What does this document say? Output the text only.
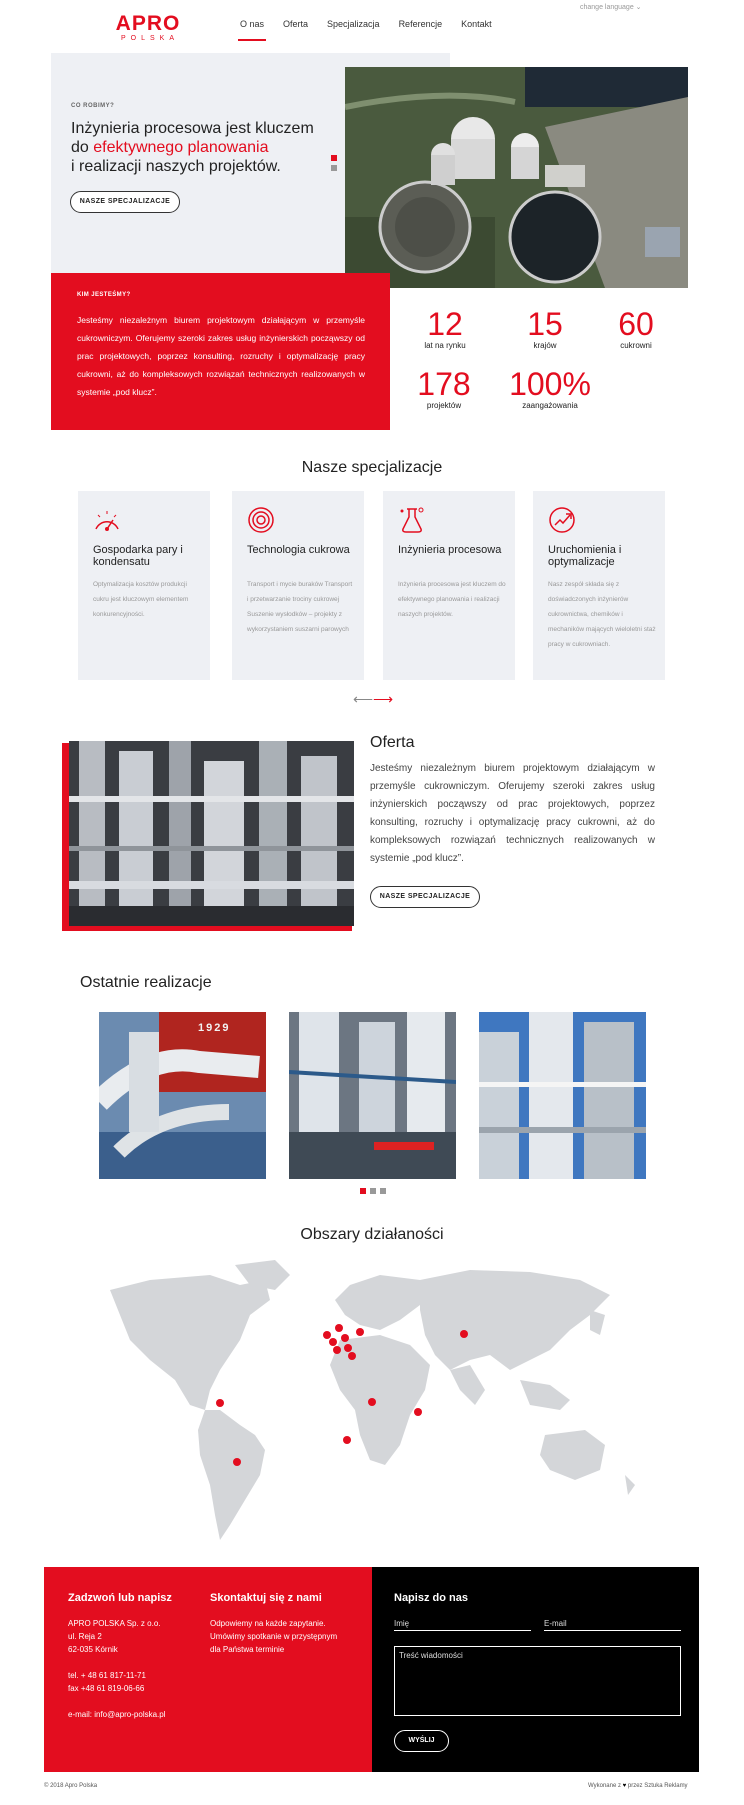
APRO
POLSKA
O nas Oferta Specjalizacja Referencje Kontakt
change language ⌄
CO ROBIMY?
Inżynieria procesowa jest kluczem
do efektywnego planowania
i realizacji naszych projektów.
NASZE SPECJALIZACJE
KIM JESTEŚMY?
Jesteśmy niezależnym biurem projektowym działającym w przemyśle cukrowniczym. Oferujemy szeroki zakres usług inżynierskich począwszy od prac projektowych, poprzez konsulting, rozruchy i optymalizację pracy cukrowni, aż do kompleksowych rozwiązań technicznych realizowanych w systemie „pod klucz”.
12
lat na rynku
15
krajów
60
cukrowni
178
projektów
100%
zaangażowania
Nasze specjalizacje
Gospodarka pary i kondensatu
Optymalizacja kosztów produkcji cukru jest kluczowym elementem konkurencyjności.
Technologia cukrowa
Transport i mycie buraków Transport i przetwarzanie trociny cukrowej Suszenie wysłodków – projekty z wykorzystaniem suszarni parowych
Inżynieria procesowa
Inżynieria procesowa jest kluczem do efektywnego planowania i realizacji naszych projektów.
Uruchomienia i optymalizacje
Nasz zespół składa się z doświadczonych inżynierów cukrownictwa, chemików i mechaników mających wieloletni staż pracy w cukrowniach.
⟵ ⟶
Oferta
Jesteśmy niezależnym biurem projektowym działającym w przemyśle cukrowniczym. Oferujemy szeroki zakres usług inżynierskich począwszy od prac projektowych, poprzez konsulting, rozruchy i optymalizację pracy cukrowni, aż do kompleksowych rozwiązań technicznych realizowanych w systemie „pod klucz”.
NASZE SPECJALIZACJE
Ostatnie realizacje
1929
Obszary działaności
Zadzwoń lub napisz
APRO POLSKA Sp. z o.o.
ul. Reja 2
62-035 Kórnik
tel. + 48 61 817-11-71
fax +48 61 819-06-66
e-mail: info@apro-polska.pl
Skontaktuj się z nami
Odpowiemy na każde zapytanie. Umówimy spotkanie w przystępnym dla Państwa terminie
Napisz do nas
Imię
E-mail
Treść wiadomości
WYŚLIJ
© 2018 Apro Polska	Wykonane z ♥ przez Sztuka Reklamy
